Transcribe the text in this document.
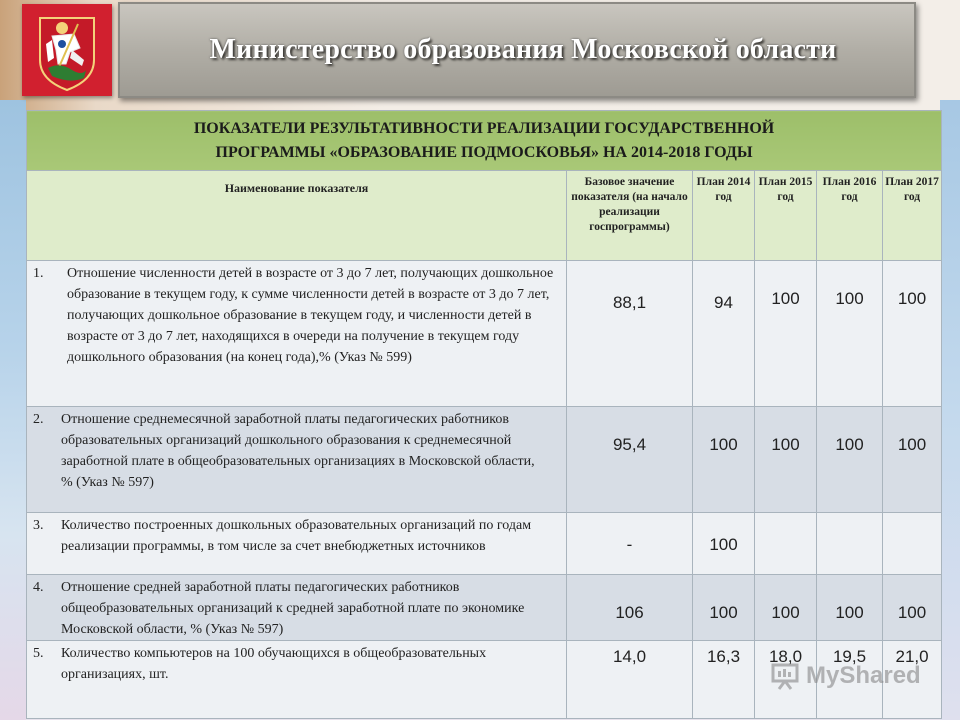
Министерство образования Московской области
ПОКАЗАТЕЛИ РЕЗУЛЬТАТИВНОСТИ РЕАЛИЗАЦИИ ГОСУДАРСТВЕННОЙ
ПРОГРАММЫ «ОБРАЗОВАНИЕ ПОДМОСКОВЬЯ» НА 2014-2018 ГОДЫ					

Наименование показателя	Базовое значение показателя (на начало реализации госпрограммы)	План 2014 год	План 2015 год	План 2016 год	План 2017 год

1. Отношение численности детей в возрасте от 3 до 7 лет, получающих дошкольное образование в текущем году, к сумме численности детей в возрасте от 3 до 7 лет, получающих дошкольное образование в текущем году, и численности детей в возрасте от 3 до 7 лет, находящихся в очереди на получение в текущем году дошкольного образования (на конец года),% (Указ № 599)	88,1	94	100	100	100

2. Отношение среднемесячной заработной платы педагогических работников образовательных организаций дошкольного образования к среднемесячной заработной плате в общеобразовательных организациях в Московской области, % (Указ № 597)	95,4	100	100	100	100

3. Количество построенных дошкольных образовательных организаций по годам реализации программы, в том числе за счет внебюджетных источников	-	100			

4. Отношение средней заработной платы педагогических работников общеобразовательных организаций к средней заработной плате по экономике Московской области, % (Указ № 597)	106	100	100	100	100

5. Количество компьютеров на 100 обучающихся в общеобразовательных организациях, шт.	14,0	16,3	18,0	19,5	21,0
MyShared
